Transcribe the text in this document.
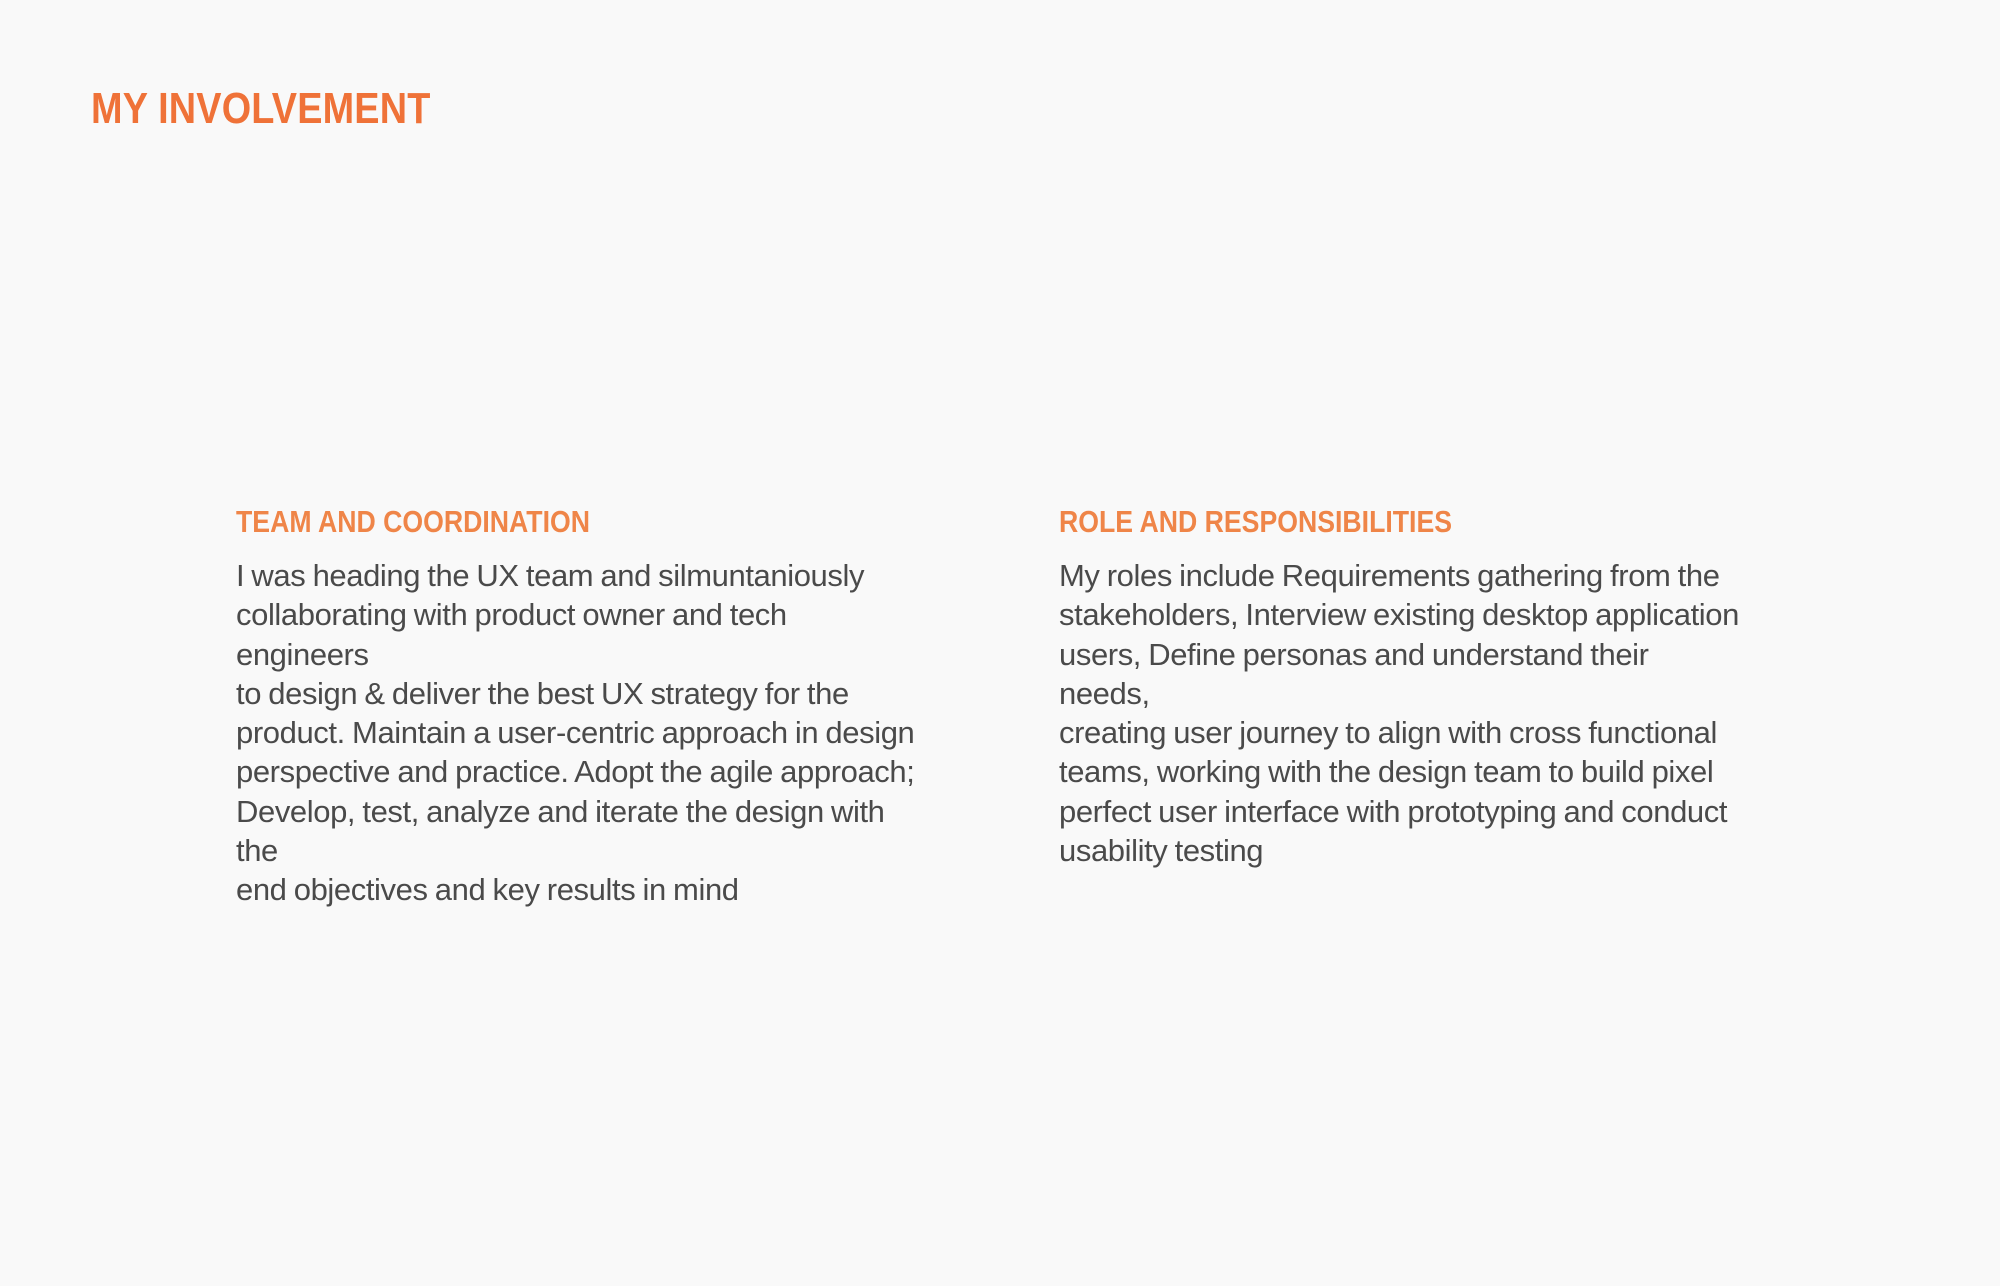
MY INVOLVEMENT
TEAM AND COORDINATION
I was heading the UX team and silmuntaniously
collaborating with product owner and tech engineers
to design & deliver the best UX strategy for the
product. Maintain a user-centric approach in design
perspective and practice. Adopt the agile approach;
Develop, test, analyze and iterate the design with the
end objectives and key results in mind
ROLE AND RESPONSIBILITIES
My roles include Requirements gathering from the
stakeholders, Interview existing desktop application
users, Define personas and understand their needs,
creating user journey to align with cross functional
teams, working with the design team to build pixel
perfect user interface with prototyping and conduct
usability testing
